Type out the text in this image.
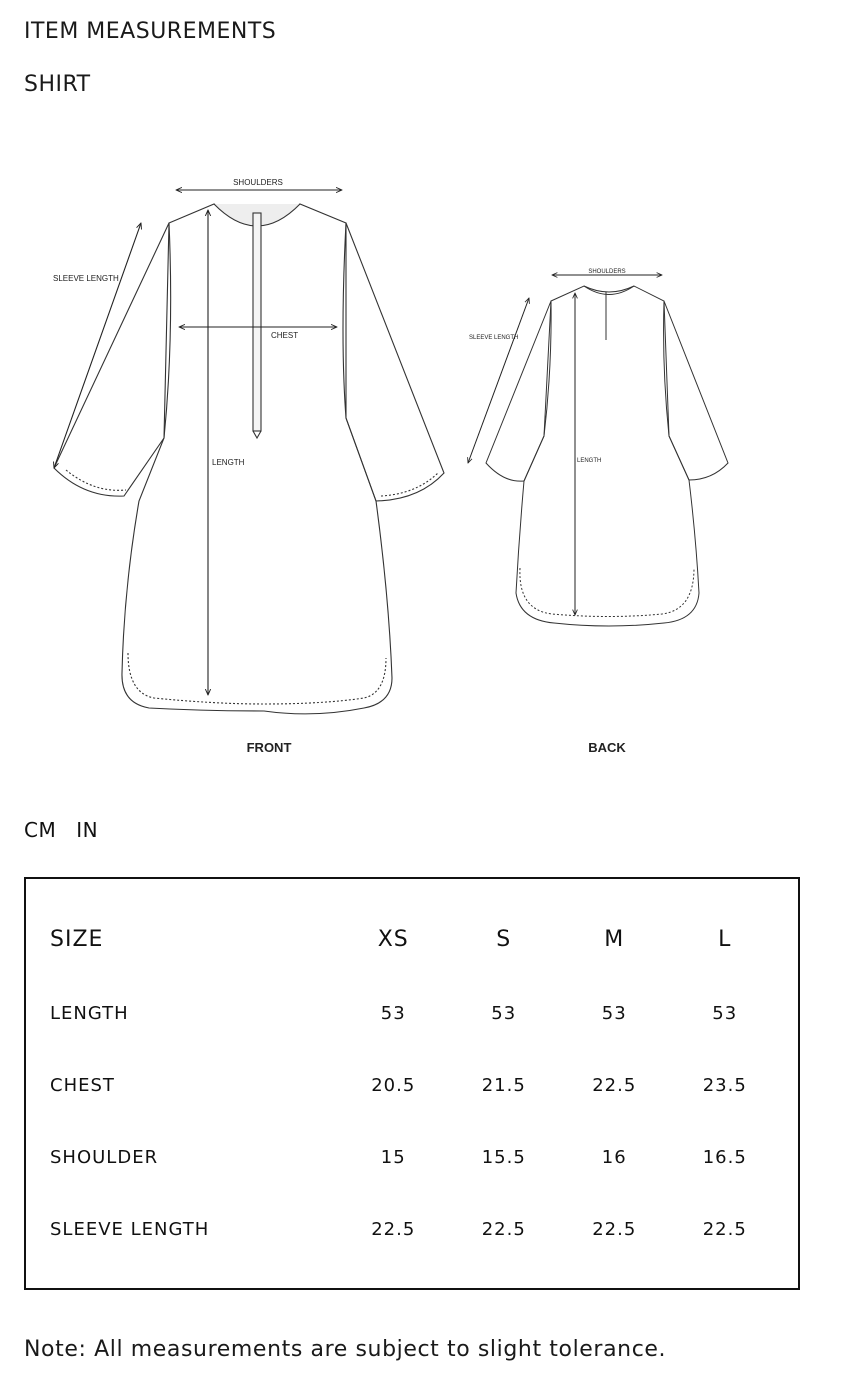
ITEM MEASUREMENTS
SHIRT
SHOULDERS
SLEEVE LENGTH
CHEST
LENGTH
SHOULDERS
SLEEVE LENGTH
LENGTH
FRONT	BACK
CM IN
SIZE	XS	S	M	L
LENGTH	53	53	53	53
CHEST	20.5	21.5	22.5	23.5
SHOULDER	15	15.5	16	16.5
SLEEVE LENGTH	22.5	22.5	22.5	22.5
Note: All measurements are subject to slight tolerance.
